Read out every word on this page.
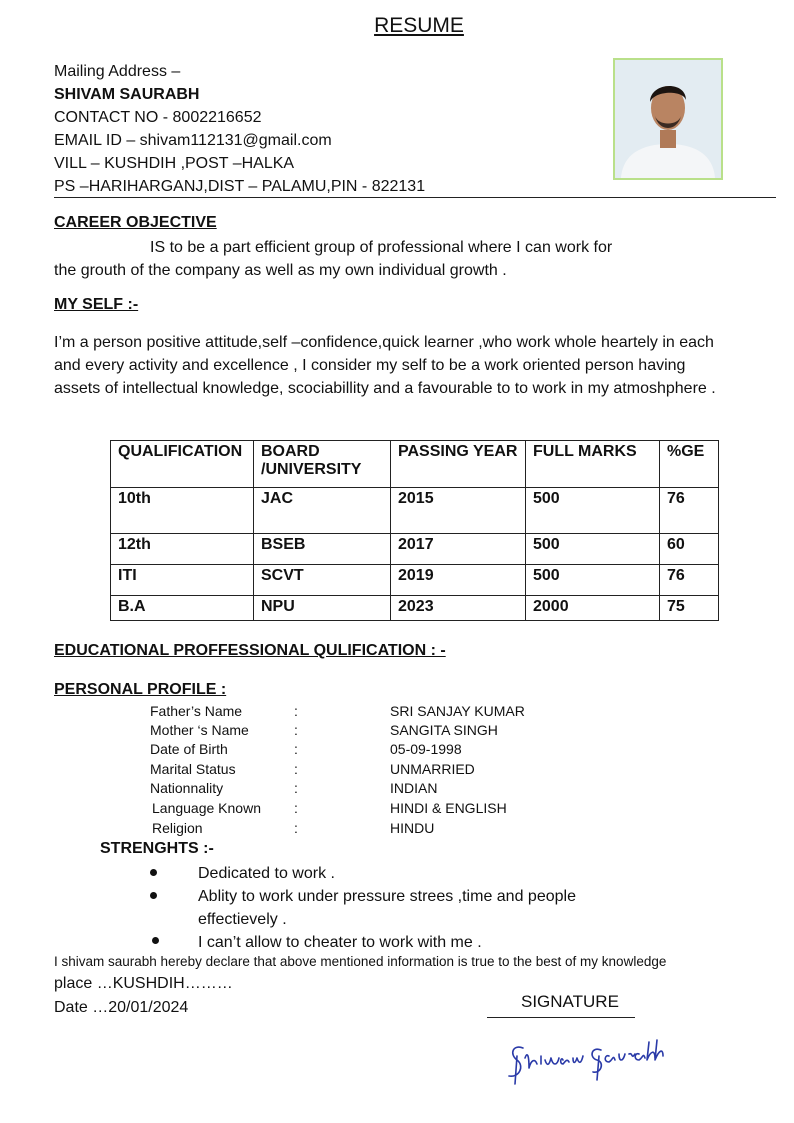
RESUME
Mailing Address –
SHIVAM SAURABH
CONTACT NO - 8002216652
EMAIL ID – shivam112131@gmail.com
VILL – KUSHDIH ,POST –HALKA
PS –HARIHARGANJ,DIST – PALAMU,PIN - 822131
CAREER OBJECTIVE
IS to be a part efficient group of professional where I can work for
the grouth of the company as well as my own individual growth .
MY SELF :-
I’m a person positive attitude,self –confidence,quick learner ,who work whole heartely in each
and every activity and excellence , I consider my self to be a work oriented person having
assets of intellectual knowledge, scociabillity and a favourable to to work in my atmoshphere .
QUALIFICATION	BOARD /UNIVERSITY	PASSING YEAR	FULL MARKS	%GE
10th	JAC	2015	500	76
12th	BSEB	2017	500	60
ITI	SCVT	2019	500	76
B.A	NPU	2023	2000	75
EDUCATIONAL PROFFESSIONAL QULIFICATION : -
PERSONAL PROFILE :
Father’s Name	:	SRI SANJAY KUMAR
Mother ‘s Name	:	SANGITA SINGH
Date of Birth	:	05-09-1998
Marital Status	:	UNMARRIED
Nationnality	:	INDIAN
Language Known :	HINDI & ENGLISH
Religion	:	HINDU
STRENGHTS :-
Dedicated to work .
Ablity to work under pressure strees ,time and people
effectievely .
I can’t allow to cheater to work with me .
I shivam saurabh hereby declare that above mentioned information is true to the best of my knowledge
place …KUSHDIH………
Date …20/01/2024	SIGNATURE
